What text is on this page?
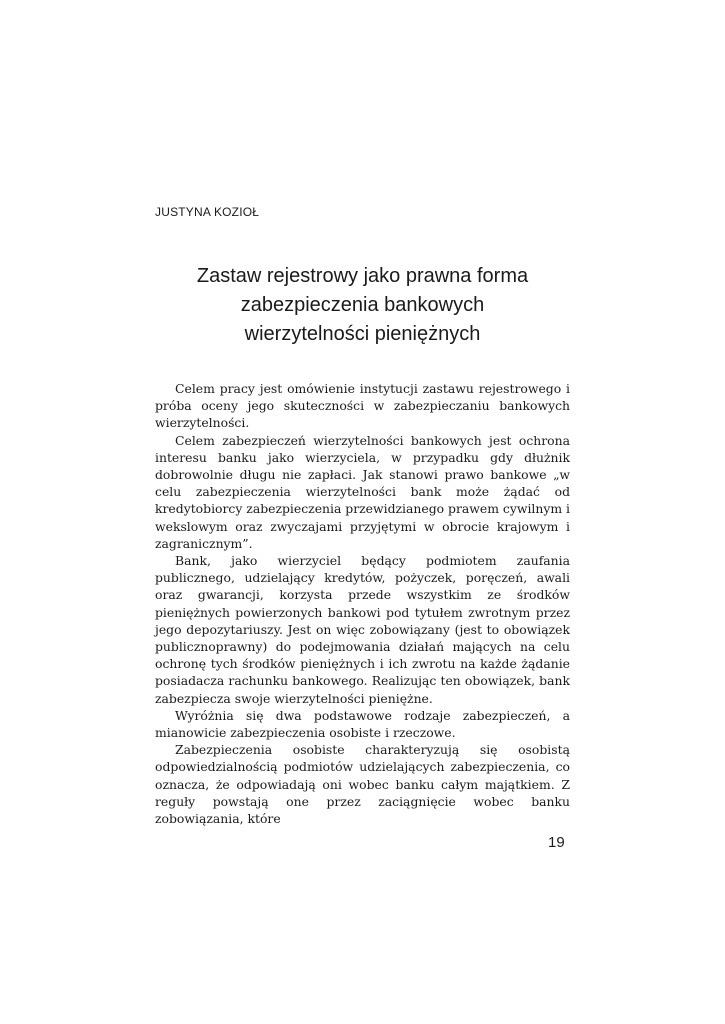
JUSTYNA KOZIOŁ

Zastaw rejestrowy jako prawna forma
zabezpieczenia bankowych
wierzytelności pieniężnych

Celem pracy jest omówienie instytucji zastawu rejestrowego i próba oceny jego skuteczności w zabezpieczaniu bankowych wierzytelności.

Celem zabezpieczeń wierzytelności bankowych jest ochrona interesu banku jako wierzyciela, w przypadku gdy dłużnik dobrowolnie długu nie zapłaci. Jak stanowi prawo bankowe „w celu zabezpieczenia wierzytelności bank może żądać od kredytobiorcy zabezpieczenia przewidzianego prawem cywilnym i wekslowym oraz zwyczajami przyjętymi w obrocie krajowym i zagranicznym”.

Bank, jako wierzyciel będący podmiotem zaufania publicznego, udzielający kredytów, pożyczek, poręczeń, awali oraz gwarancji, korzysta przede wszystkim ze środków pieniężnych powierzonych bankowi pod tytułem zwrotnym przez jego depozytariuszy. Jest on więc zobowiązany (jest to obowiązek publicznoprawny) do podejmowania działań mających na celu ochronę tych środków pieniężnych i ich zwrotu na każde żądanie posiadacza rachunku bankowego. Realizując ten obowiązek, bank zabezpiecza swoje wierzytelności pieniężne.

Wyróżnia się dwa podstawowe rodzaje zabezpieczeń, a mianowicie zabezpieczenia osobiste i rzeczowe.

Zabezpieczenia osobiste charakteryzują się osobistą odpowiedzialnością podmiotów udzielających zabezpieczenia, co oznacza, że odpowiadają oni wobec banku całym majątkiem. Z reguły powstają one przez zaciągnięcie wobec banku zobowiązania, które

19
